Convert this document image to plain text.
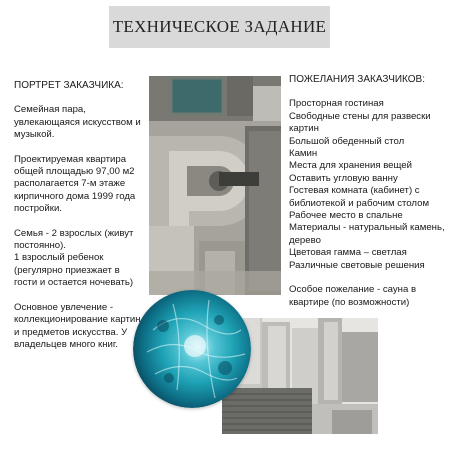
ТЕХНИЧЕСКОЕ ЗАДАНИЕ
ПОРТРЕТ ЗАКАЗЧИКА:

Семейная пара, увлекающаяся искусством и музыкой.

Проектируемая квартира общей площадью 97,00 м2 располагается 7-м этаже кирпичного дома 1999 года постройки.

Семья - 2 взрослых (живут постоянно).
1 взрослый ребенок (регулярно приезжает в гости и остается ночевать)

Основное увлечение - коллекционирование картин и предметов искусства. У владельцев много книг.

ПОЖЕЛАНИЯ ЗАКАЗЧИКОВ:
Просторная гостиная
Свободные стены для развески картин
Большой обеденный стол
Камин
Места для хранения вещей
Оставить угловую ванну
Гостевая комната (кабинет) с библиотекой и рабочим столом
Рабочее место в спальне
Материалы - натуральный камень, дерево
Цветовая гамма – светлая
Различные световые решения
Особое пожелание - сауна в квартире (по возможности)
